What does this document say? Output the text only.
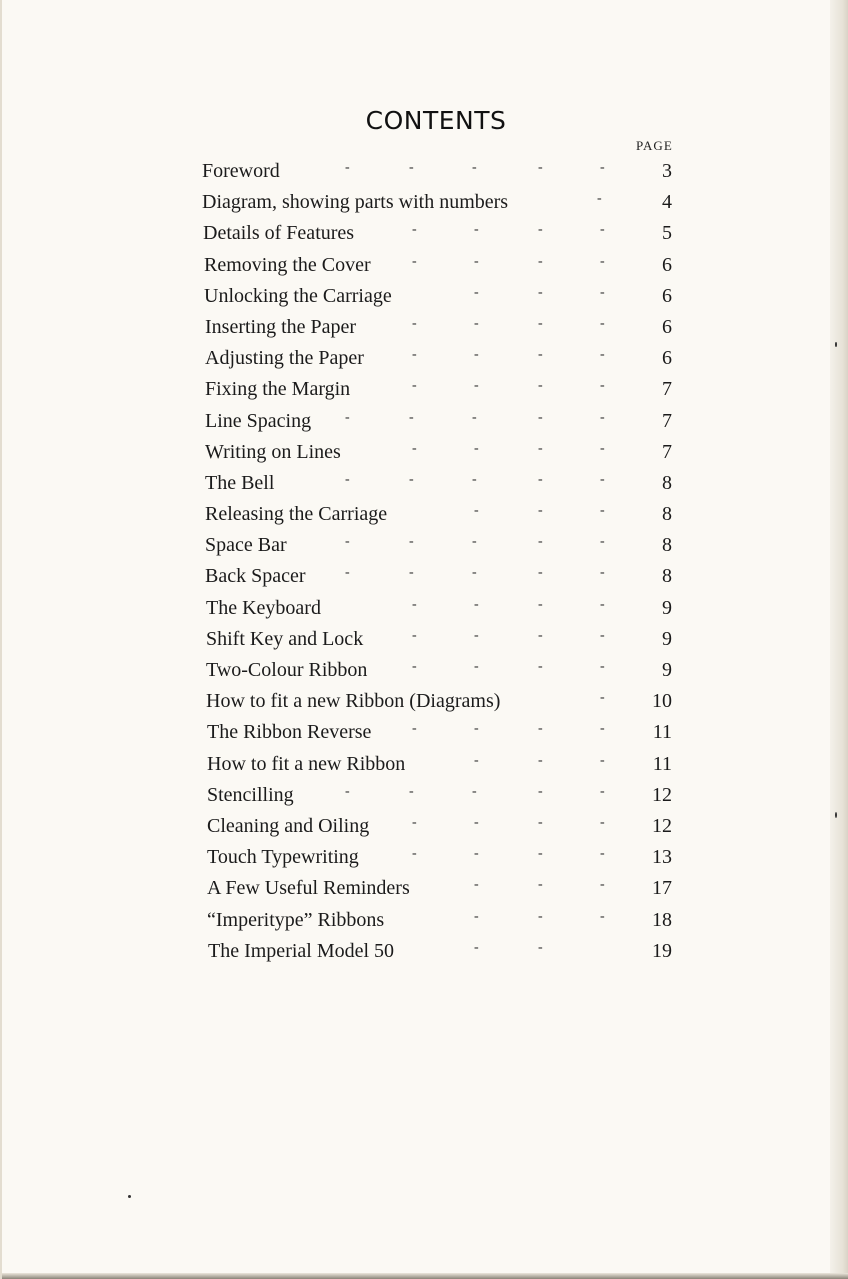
CONTENTS
PAGE
Foreword	-	-	-	-	-	3
Diagram, showing parts with numbers	-	4
Details of Features	-	-	-	-	5
Removing the Cover	-	-	-	-	6
Unlocking the Carriage	-	-	-	6
Inserting the Paper	-	-	-	-	6
Adjusting the Paper	-	-	-	-	6
Fixing the Margin	-	-	-	-	7
Line Spacing -	-	-	-	-	7
Writing on Lines	-	-	-	-	7
The Bell	-	-	-	-	-	8
Releasing the Carriage	-	-	-	8
Space Bar	-	-	-	-	-	8
Back Spacer	-	-	-	-	-	8
The Keyboard	-	-	-	-	9
Shift Key and Lock	-	-	-	-	9
Two-Colour Ribbon	-	-	-	-	9
How to fit a new Ribbon (Diagrams)	-	10
The Ribbon Reverse	-	-	-	-	11
How to fit a new Ribbon	-	-	-	11
Stencilling	-	-	-	-	-	12
Cleaning and Oiling	-	-	-	-	12
Touch Typewriting	-	-	-	-	13
A Few Useful Reminders	-	-	-	17
“Imperitype” Ribbons	-	-	-	18
The Imperial Model 50	-	-	19
